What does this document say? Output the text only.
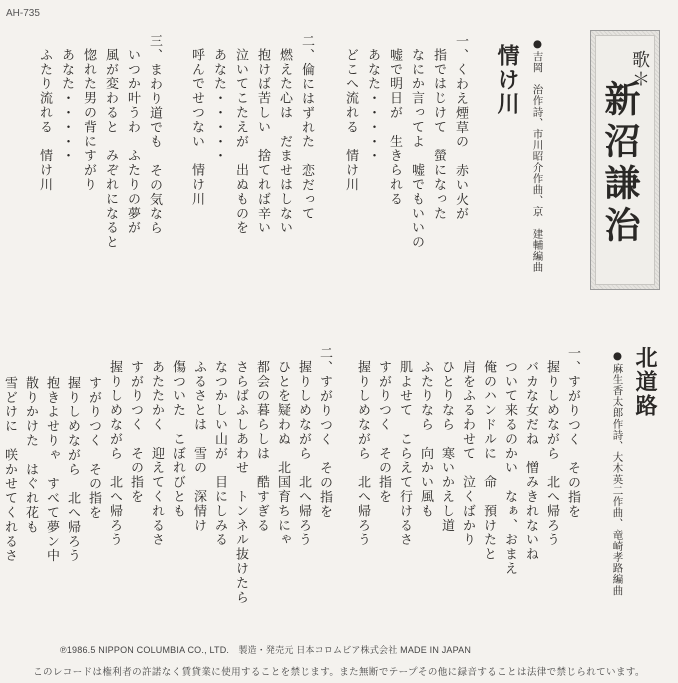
AH-735
歌＊
新沼謙治
●吉岡　治作詩、市川昭介作曲、京　建輔編曲
情け川
一、くわえ煙草の　赤い火が
指ではじけて　螢になった
なにか言ってよ　嘘でもいいの
嘘で明日が　生きられる
あなた・・・・・
どこへ流れる　情け川
二、倫にはずれた　恋だって
燃えた心は　だませはしない
抱けば苦しい　捨てれば辛い
泣いてこたえが　出ぬものを
あなた・・・・・
呼んでせつない　情け川
三、まわり道でも　その気なら
いつか叶うわ　ふたりの夢が
風が変わると　みぞれになると
惚れた男の背にすがり
あなた・・・・・
ふたり流れる　情け川
北道路
●麻生香太郎作詩、大木英二作曲、竜崎孝路編曲
一、すがりつく　その指を
握りしめながら　北へ帰ろう
バカな女だね　憎みきれないね
ついて来るのかい　なぁ、おまえ
俺のハンドルに　命　預けたと
肩をふるわせて　泣くばかり
ひとりなら　寒いかえし道
ふたりなら　向かい風も
肌よせて　こらえて行けるさ
すがりつく　その指を
握りしめながら　北へ帰ろう
二、すがりつく　その指を
握りしめながら　北へ帰ろう
ひとを疑わぬ　北国育ちにゃ
都会の暮らしは　酷すぎる
さらばふしあわせ　トンネル抜けたら
なつかしい山が　目にしみる
ふるさとは　雪の　深情け
傷ついた　こぼれびとも
あたたかく　迎えてくれるさ
すがりつく　その指を
握りしめながら　北へ帰ろう
すがりつく　その指を
握りしめながら　北へ帰ろう
抱きよせりゃ　すべて夢ン中
散りかけた　はぐれ花も
雪どけに　咲かせてくれるさ
℗1986.5 NIPPON COLUMBIA CO., LTD.　製造・発売元 日本コロムビア株式会社 MADE IN JAPAN
このレコードは権利者の許諾なく賃貸業に使用することを禁じます。また無断でテープその他に録音することは法律で禁じられています。
